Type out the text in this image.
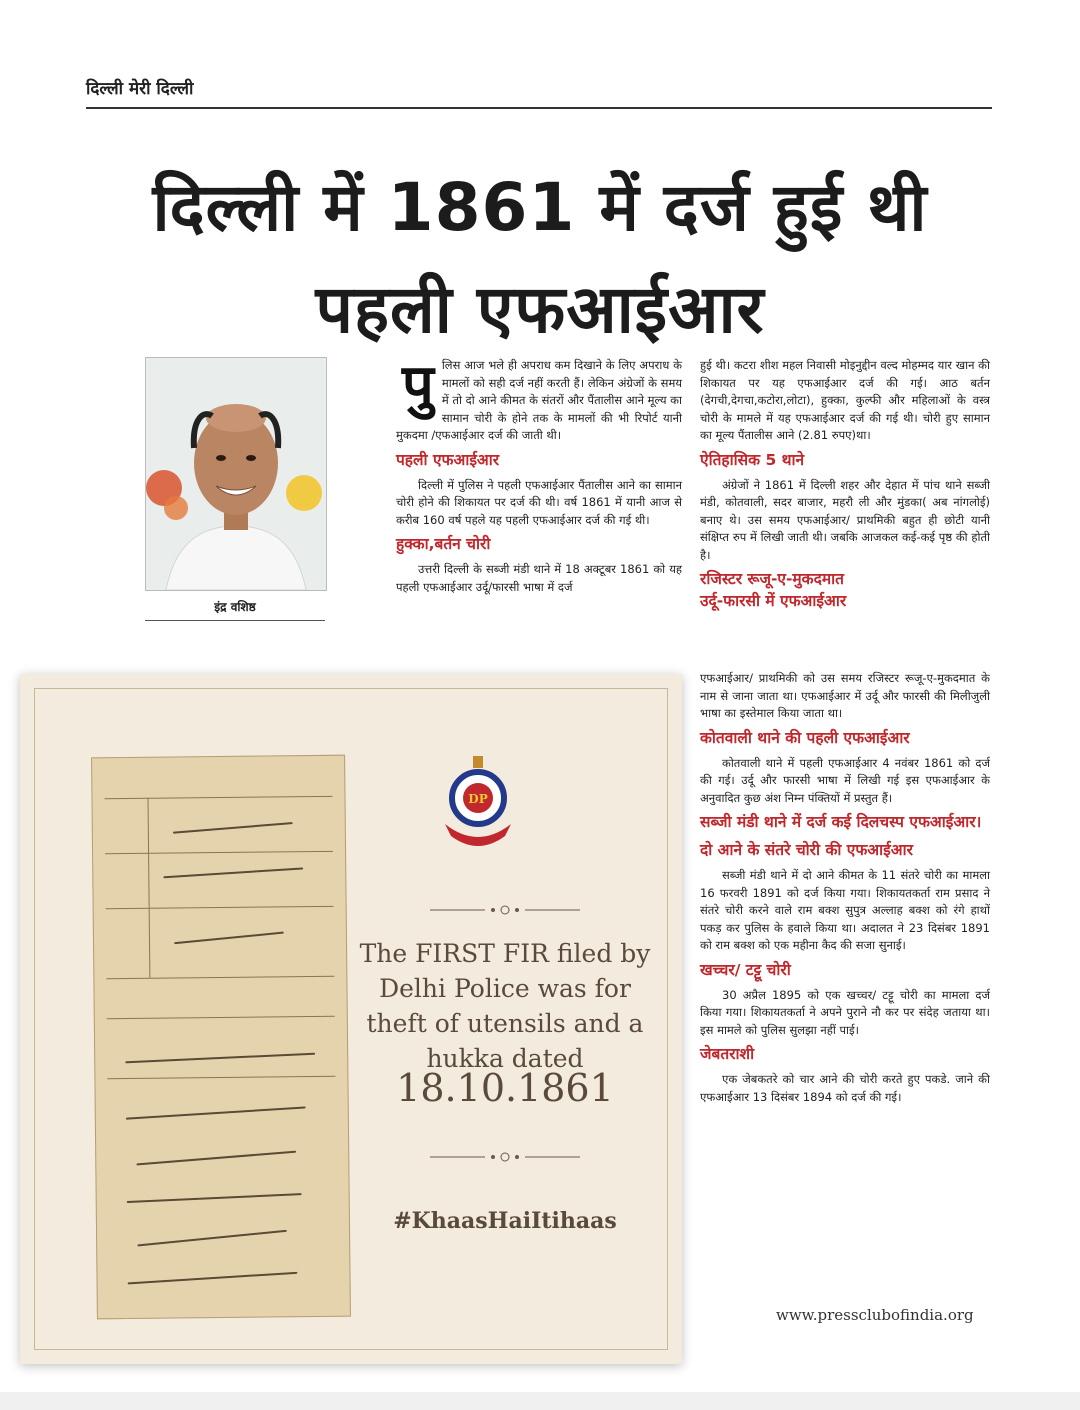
दिल्ली मेरी दिल्ली
दिल्ली में 1861 में दर्ज हुई थी
पहली एफआईआर
इंद्र वशिष्ठ

पुलिस आज भले ही अपराध कम दिखाने के लिए अपराध के मामलों को सही दर्ज नहीं करती हैं। लेकिन अंग्रेजों के समय में तो दो आने कीमत के संतरों और पैंतालीस आने मूल्य का सामान चोरी के होने तक के मामलों की भी रिपोर्ट यानी मुकदमा /एफआईआर दर्ज की जाती थी।

पहली एफआईआर

दिल्ली में पुलिस ने पहली एफआईआर पैंतालीस आने का सामान चोरी होने की शिकायत पर दर्ज की थी। वर्ष 1861 में यानी आज से करीब 160 वर्ष पहले यह पहली एफआईआर दर्ज की गई थी।

हुक्का,बर्तन चोरी

उत्तरी दिल्ली के सब्जी मंडी थाने में 18 अक्टूबर 1861 को यह पहली एफआईआर उर्दू/फारसी भाषा में दर्ज

हुई थी। कटरा शीश महल निवासी मोइनुद्दीन वल्द मोहम्मद यार खान की शिकायत पर यह एफआईआर दर्ज की गई। आठ बर्तन (देगची,देगचा,कटोरा,लोटा), हुक्का, कुल्फी और महिलाओं के वस्त्र चोरी के मामले में यह एफआईआर दर्ज की गई थी। चोरी हुए सामान का मूल्य पैंतालीस आने (2.81 रुपए)था।

ऐतिहासिक 5 थाने

अंग्रेजों ने 1861 में दिल्ली शहर और देहात में पांच थाने सब्जी मंडी, कोतवाली, सदर बाजार, महरौ ली और मुंडका( अब नांगलोई) बनाए थे। उस समय एफआईआर/ प्राथमिकी बहुत ही छोटी यानी संक्षिप्त रुप में लिखी जाती थी। जबकि आजकल कई-कई पृष्ठ की होती है।

रजिस्टर रूजू-ए-मुकदमात

उर्दू-फारसी में एफआईआर

एफआईआर/ प्राथमिकी को उस समय रजिस्टर रूजू-ए-मुकदमात के नाम से जाना जाता था। एफआईआर में उर्दू और फारसी की मिलीजुली भाषा का इस्तेमाल किया जाता था।

कोतवाली थाने की पहली एफआईआर

कोतवाली थाने में पहली एफआईआर 4 नवंबर 1861 को दर्ज की गई। उर्दू और फारसी भाषा में लिखी गई इस एफआईआर के अनुवादित कुछ अंश निम्न पंक्तियों में प्रस्तुत हैं।

सब्जी मंडी थाने में दर्ज कई दिलचस्प एफआईआर।

दो आने के संतरे चोरी की एफआईआर

सब्जी मंडी थाने में दो आने कीमत के 11 संतरे चोरी का मामला 16 फरवरी 1891 को दर्ज किया गया। शिकायतकर्ता राम प्रसाद ने संतरे चोरी करने वाले राम बक्श सुपुत्र अल्लाह बक्श को रंगे हाथों पकड़ कर पुलिस के हवाले किया था। अदालत ने 23 दिसंबर 1891 को राम बक्श को एक महीना कैद की सजा सुनाई।

खच्चर/ टट्टू चोरी

30 अप्रैल 1895 को एक खच्चर/ टट्टू चोरी का मामला दर्ज किया गया। शिकायतकर्ता ने अपने पुराने नौ कर पर संदेह जताया था। इस मामले को पुलिस सुलझा नहीं पाई।

जेबतराशी

एक जेबकतरे को चार आने की चोरी करते हुए पकडे. जाने की एफआईआर 13 दिसंबर 1894 को दर्ज की गई।

DP
The FIRST FIR filed by Delhi Police was for theft of utensils and a hukka dated
18.10.1861
#KhaasHaiItihaas
www.pressclubofindia.org
